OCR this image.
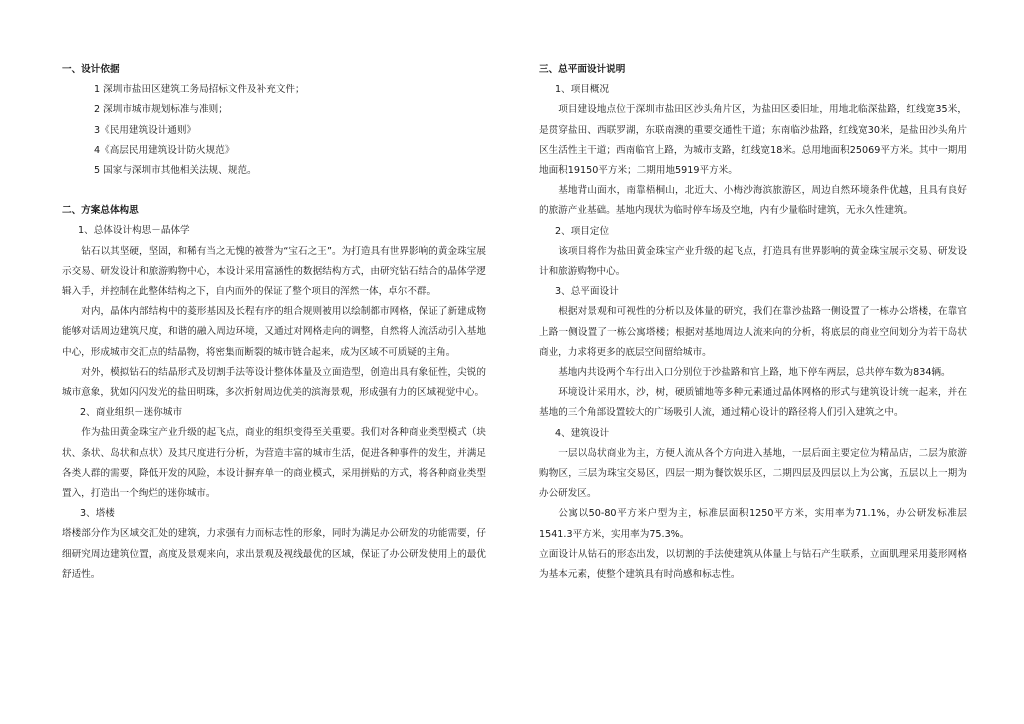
一、设计依据

1 深圳市盐田区建筑工务局招标文件及补充文件；

2 深圳市城市规划标准与准则；

3《民用建筑设计通则》

4《高层民用建筑设计防火规范》

5 国家与深圳市其他相关法规、规范。

二、方案总体构思

1、总体设计构思－晶体学

钻石以其坚硬，坚固，和稀有当之无愧的被誉为“宝石之王”。为打造具有世界影响的黄金珠宝展示交易、研发设计和旅游购物中心，本设计采用富涵性的数据结构方式，由研究钻石结合的晶体学逻辑入手，并控制在此整体结构之下，自内而外的保证了整个项目的浑然一体，卓尔不群。

对内，晶体内部结构中的菱形基因及长程有序的组合规则被用以绘制都市网格，保证了新建成物能够对话周边建筑尺度，和谐的融入周边环境，又通过对网格走向的调整，自然将人流活动引入基地中心，形成城市交汇点的结晶物，将密集而断裂的城市链合起来，成为区域不可质疑的主角。

对外，模拟钻石的结晶形式及切割手法等设计整体体量及立面造型，创造出具有象征性，尖锐的城市意象，犹如闪闪发光的盐田明珠，多次折射周边优美的滨海景观，形成强有力的区域视觉中心。

2、商业组织－迷你城市

作为盐田黄金珠宝产业升级的起飞点，商业的组织变得至关重要。我们对各种商业类型模式（块状、条状、岛状和点状）及其尺度进行分析，为营造丰富的城市生活，促进各种事件的发生，并满足各类人群的需要，降低开发的风险，本设计摒弃单一的商业模式，采用拼贴的方式，将各种商业类型置入，打造出一个绚烂的迷你城市。

3、塔楼

塔楼部分作为区域交汇处的建筑，力求强有力而标志性的形象，同时为满足办公研发的功能需要，仔细研究周边建筑位置，高度及景观来向，求出景观及视线最优的区域，保证了办公研发使用上的最优舒适性。

三、总平面设计说明

1、项目概况

项目建设地点位于深圳市盐田区沙头角片区，为盐田区委旧址，用地北临深盐路，红线宽35米，是贯穿盐田、西联罗湖，东联南澳的重要交通性干道；东南临沙盐路，红线宽30米，是盐田沙头角片区生活性主干道；西南临官上路，为城市支路，红线宽18米。总用地面积25069平方米。其中一期用地面积19150平方米；二期用地5919平方米。

基地背山面水，南靠梧桐山，北近大、小梅沙海滨旅游区，周边自然环境条件优越，且具有良好的旅游产业基础。基地内现状为临时停车场及空地，内有少量临时建筑，无永久性建筑。

2、项目定位

该项目将作为盐田黄金珠宝产业升级的起飞点，打造具有世界影响的黄金珠宝展示交易、研发设计和旅游购物中心。

3、总平面设计

根据对景观和可视性的分析以及体量的研究，我们在靠沙盐路一侧设置了一栋办公塔楼，在靠官上路一侧设置了一栋公寓塔楼；根据对基地周边人流来向的分析，将底层的商业空间划分为若干岛状商业，力求将更多的底层空间留给城市。

基地内共设两个车行出入口分别位于沙盐路和官上路，地下停车两层，总共停车数为834辆。

环境设计采用水，沙，树，硬质铺地等多种元素通过晶体网格的形式与建筑设计统一起来，并在基地的三个角部设置较大的广场吸引人流，通过精心设计的路径将人们引入建筑之中。

4、建筑设计

一层以岛状商业为主，方便人流从各个方向进入基地，一层后面主要定位为精品店，二层为旅游购物区，三层为珠宝交易区，四层一期为餐饮娱乐区，二期四层及四层以上为公寓，五层以上一期为办公研发区。

公寓以50-80平方米户型为主，标准层面积1250平方米，实用率为71.1%，办公研发标准层1541.3平方米，实用率为75.3%。

立面设计从钻石的形态出发，以切割的手法使建筑从体量上与钻石产生联系，立面肌理采用菱形网格为基本元素，使整个建筑具有时尚感和标志性。
